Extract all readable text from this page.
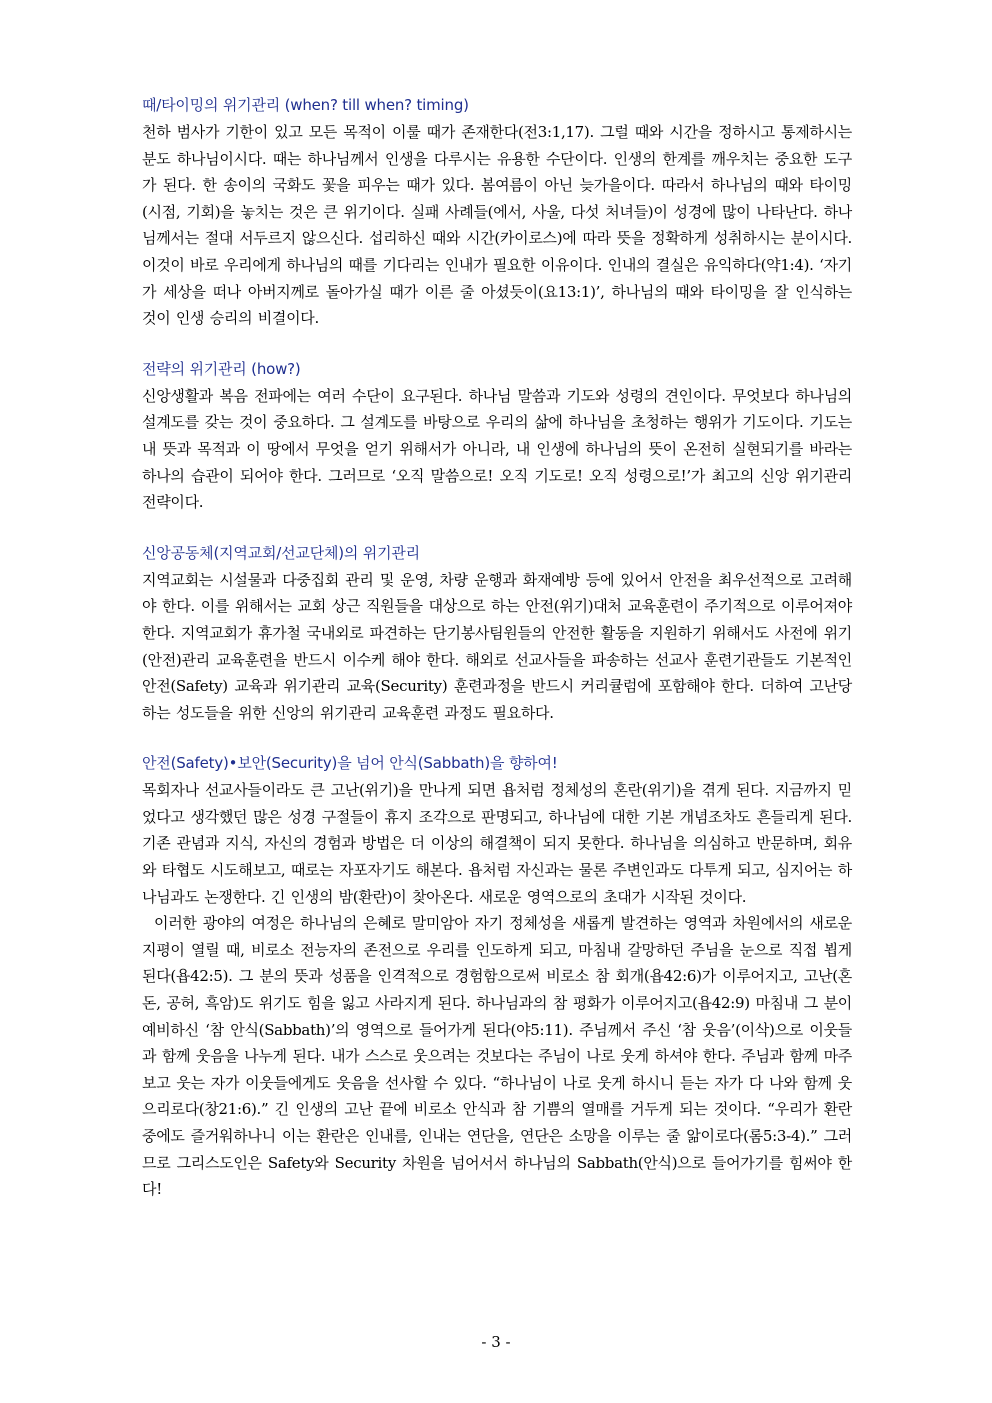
때/타이밍의 위기관리 (when? till when? timing)

천하 범사가 기한이 있고 모든 목적이 이룰 때가 존재한다(전3:1,17). 그럴 때와 시간을 정하시고 통제하시는 분도 하나님이시다. 때는 하나님께서 인생을 다루시는 유용한 수단이다. 인생의 한계를 깨우치는 중요한 도구가 된다. 한 송이의 국화도 꽃을 피우는 때가 있다. 봄여름이 아닌 늦가을이다. 따라서 하나님의 때와 타이밍(시점, 기회)을 놓치는 것은 큰 위기이다. 실패 사례들(에서, 사울, 다섯 처녀들)이 성경에 많이 나타난다. 하나님께서는 절대 서두르지 않으신다. 섭리하신 때와 시간(카이로스)에 따라 뜻을 정확하게 성취하시는 분이시다. 이것이 바로 우리에게 하나님의 때를 기다리는 인내가 필요한 이유이다. 인내의 결실은 유익하다(약1:4). ‘자기가 세상을 떠나 아버지께로 돌아가실 때가 이른 줄 아셨듯이(요13:1)’, 하나님의 때와 타이밍을 잘 인식하는 것이 인생 승리의 비결이다.

전략의 위기관리 (how?)

신앙생활과 복음 전파에는 여러 수단이 요구된다. 하나님 말씀과 기도와 성령의 견인이다. 무엇보다 하나님의 설계도를 갖는 것이 중요하다. 그 설계도를 바탕으로 우리의 삶에 하나님을 초청하는 행위가 기도이다. 기도는 내 뜻과 목적과 이 땅에서 무엇을 얻기 위해서가 아니라, 내 인생에 하나님의 뜻이 온전히 실현되기를 바라는 하나의 습관이 되어야 한다. 그러므로 ‘오직 말씀으로! 오직 기도로! 오직 성령으로!’가 최고의 신앙 위기관리 전략이다.

신앙공동체(지역교회/선교단체)의 위기관리

지역교회는 시설물과 다중집회 관리 및 운영, 차량 운행과 화재예방 등에 있어서 안전을 최우선적으로 고려해야 한다. 이를 위해서는 교회 상근 직원들을 대상으로 하는 안전(위기)대처 교육훈련이 주기적으로 이루어져야 한다. 지역교회가 휴가철 국내외로 파견하는 단기봉사팀원들의 안전한 활동을 지원하기 위해서도 사전에 위기(안전)관리 교육훈련을 반드시 이수케 해야 한다. 해외로 선교사들을 파송하는 선교사 훈련기관들도 기본적인 안전(Safety) 교육과 위기관리 교육(Security) 훈련과정을 반드시 커리큘럼에 포함해야 한다. 더하여 고난당하는 성도들을 위한 신앙의 위기관리 교육훈련 과정도 필요하다.

안전(Safety)•보안(Security)을 넘어 안식(Sabbath)을 향하여!

목회자나 선교사들이라도 큰 고난(위기)을 만나게 되면 욥처럼 정체성의 혼란(위기)을 겪게 된다. 지금까지 믿었다고 생각했던 많은 성경 구절들이 휴지 조각으로 판명되고, 하나님에 대한 기본 개념조차도 흔들리게 된다. 기존 관념과 지식, 자신의 경험과 방법은 더 이상의 해결책이 되지 못한다. 하나님을 의심하고 반문하며, 회유와 타협도 시도해보고, 때로는 자포자기도 해본다. 욥처럼 자신과는 물론 주변인과도 다투게 되고, 심지어는 하나님과도 논쟁한다. 긴 인생의 밤(환란)이 찾아온다. 새로운 영역으로의 초대가 시작된 것이다.

이러한 광야의 여정은 하나님의 은혜로 말미암아 자기 정체성을 새롭게 발견하는 영역과 차원에서의 새로운 지평이 열릴 때, 비로소 전능자의 존전으로 우리를 인도하게 되고, 마침내 갈망하던 주님을 눈으로 직접 뵙게 된다(욥42:5). 그 분의 뜻과 성품을 인격적으로 경험함으로써 비로소 참 회개(욥42:6)가 이루어지고, 고난(혼돈, 공허, 흑암)도 위기도 힘을 잃고 사라지게 된다. 하나님과의 참 평화가 이루어지고(욥42:9) 마침내 그 분이 예비하신 ‘참 안식(Sabbath)’의 영역으로 들어가게 된다(야5:11). 주님께서 주신 ‘참 웃음’(이삭)으로 이웃들과 함께 웃음을 나누게 된다. 내가 스스로 웃으려는 것보다는 주님이 나로 웃게 하셔야 한다. 주님과 함께 마주보고 웃는 자가 이웃들에게도 웃음을 선사할 수 있다. “하나님이 나로 웃게 하시니 듣는 자가 다 나와 함께 웃으리로다(창21:6).” 긴 인생의 고난 끝에 비로소 안식과 참 기쁨의 열매를 거두게 되는 것이다. “우리가 환란 중에도 즐거워하나니 이는 환란은 인내를, 인내는 연단을, 연단은 소망을 이루는 줄 앎이로다(롬5:3-4).” 그러므로 그리스도인은 Safety와 Security 차원을 넘어서서 하나님의 Sabbath(안식)으로 들어가기를 힘써야 한다!

- 3 -
